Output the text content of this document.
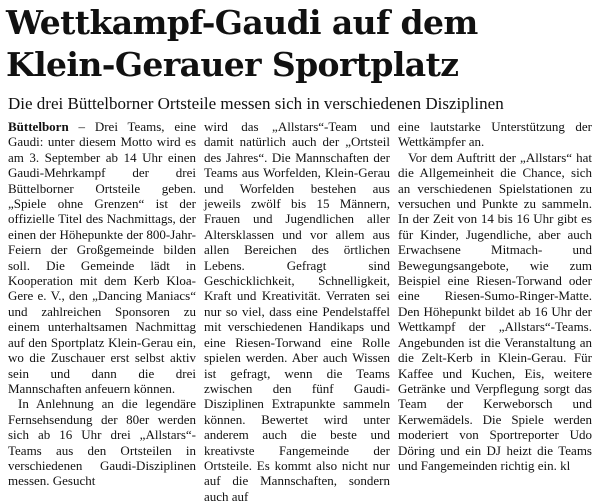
Wettkampf-Gaudi auf dem
Klein-Gerauer Sportplatz
Die drei Büttelborner Ortsteile messen sich in verschiedenen Disziplinen

Büttelborn – Drei Teams, eine Gaudi: unter diesem Motto wird es am 3. September ab 14 Uhr einen Gaudi-Mehrkampf der drei Büttelborner Ortsteile geben. „Spiele ohne Grenzen“ ist der offizielle Titel des Nachmittags, der einen der Höhepunkte der 800-Jahr-Feiern der Großgemeinde bilden soll. Die Gemeinde lädt in Kooperation mit dem Kerb Kloa-Gere e. V., den „Dancing Maniacs“ und zahlreichen Sponsoren zu einem unterhaltsamen Nachmittag auf den Sportplatz Klein-Gerau ein, wo die Zuschauer erst selbst aktiv sein und dann die drei Mannschaften anfeuern können.

In Anlehnung an die legendäre Fernsehsendung der 80er werden sich ab 16 Uhr drei „Allstars“-Teams aus den Ortsteilen in verschiedenen Gaudi-Disziplinen messen. Gesucht

wird das „Allstars“-Team und damit natürlich auch der „Ortsteil des Jahres“. Die Mannschaften der Teams aus Worfelden, Klein-Gerau und Worfelden bestehen aus jeweils zwölf bis 15 Männern, Frauen und Jugendlichen aller Altersklassen und vor allem aus allen Bereichen des örtlichen Lebens. Gefragt sind Geschicklichkeit, Schnelligkeit, Kraft und Kreativität. Verraten sei nur so viel, dass eine Pendelstaffel mit verschiedenen Handikaps und eine Riesen-Torwand eine Rolle spielen werden. Aber auch Wissen ist gefragt, wenn die Teams zwischen den fünf Gaudi-Disziplinen Extrapunkte sammeln können. Bewertet wird unter anderem auch die beste und kreativste Fangemeinde der Ortsteile. Es kommt also nicht nur auf die Mannschaften, sondern auch auf

eine lautstarke Unterstützung der Wettkämpfer an.

Vor dem Auftritt der „Allstars“ hat die Allgemeinheit die Chance, sich an verschiedenen Spielstationen zu versuchen und Punkte zu sammeln. In der Zeit von 14 bis 16 Uhr gibt es für Kinder, Jugendliche, aber auch Erwachsene Mitmach- und Bewegungsangebote, wie zum Beispiel eine Riesen-Torwand oder eine Riesen-Sumo-Ringer-Matte. Den Höhepunkt bildet ab 16 Uhr der Wettkampf der „Allstars“-Teams. Angebunden ist die Veranstaltung an die Zelt-Kerb in Klein-Gerau. Für Kaffee und Kuchen, Eis, weitere Getränke und Verpflegung sorgt das Team der Kerweborsch und Kerwemädels. Die Spiele werden moderiert von Sportreporter Udo Döring und ein DJ heizt die Teams und Fangemeinden richtig ein. kl
